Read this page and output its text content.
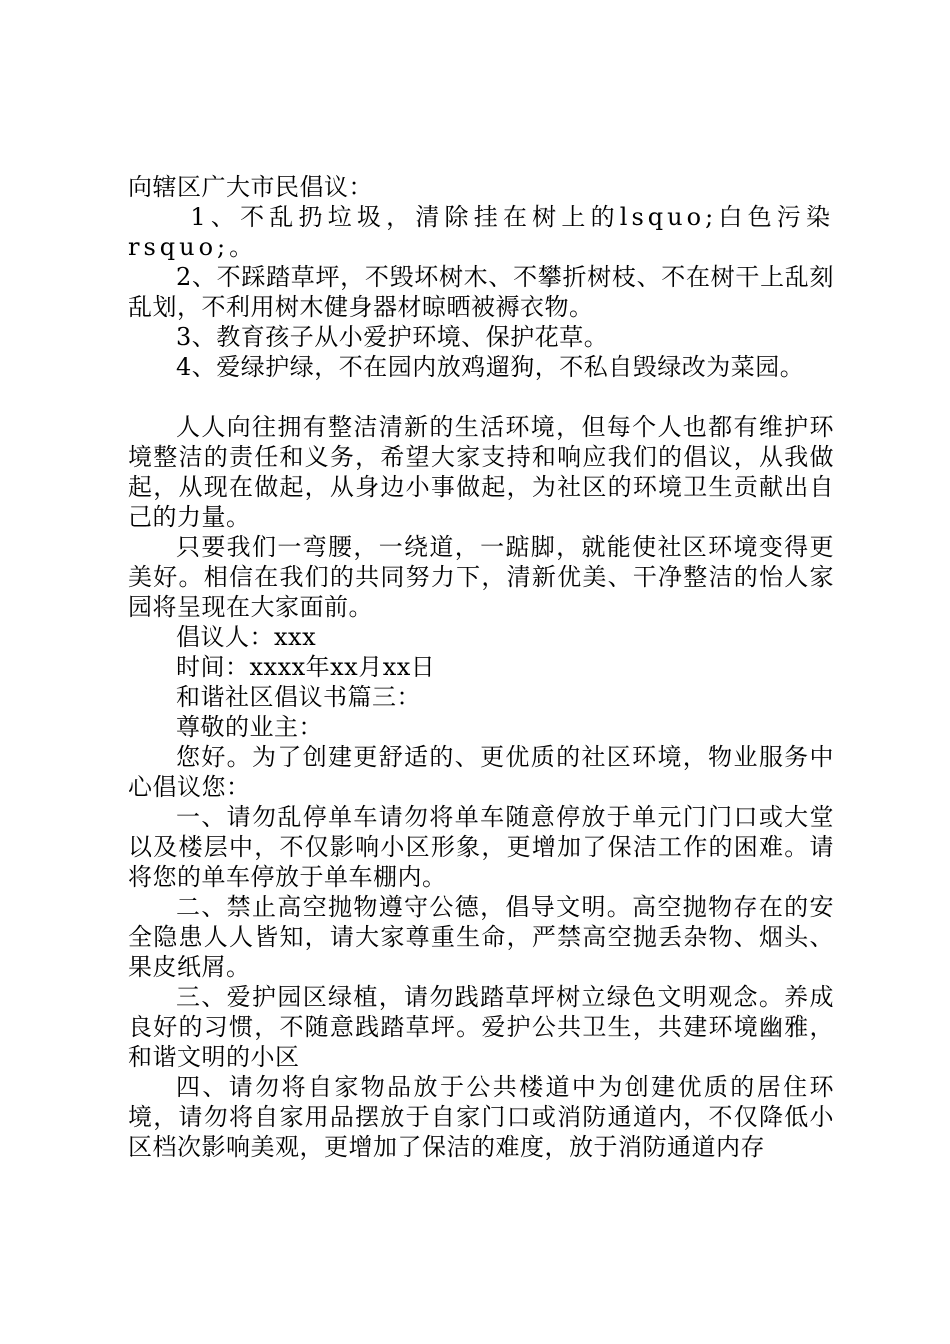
向辖区广大市民倡议：

1、不乱扔垃圾，清除挂在树上的lsquo;白色污染rsquo;。

2、不踩踏草坪，不毁坏树木、不攀折树枝、不在树干上乱刻乱划，不利用树木健身器材晾晒被褥衣物。

3、教育孩子从小爱护环境、保护花草。

4、爱绿护绿，不在园内放鸡遛狗，不私自毁绿改为菜园。

人人向往拥有整洁清新的生活环境，但每个人也都有维护环境整洁的责任和义务，希望大家支持和响应我们的倡议，从我做起，从现在做起，从身边小事做起，为社区的环境卫生贡献出自己的力量。

只要我们一弯腰，一绕道，一踮脚，就能使社区环境变得更美好。相信在我们的共同努力下，清新优美、干净整洁的怡人家园将呈现在大家面前。

倡议人：xxx

时间：xxxx年xx月xx日

和谐社区倡议书篇三：

尊敬的业主：

您好。为了创建更舒适的、更优质的社区环境，物业服务中心倡议您：

一、请勿乱停单车请勿将单车随意停放于单元门门口或大堂以及楼层中，不仅影响小区形象，更增加了保洁工作的困难。请将您的单车停放于单车棚内。

二、禁止高空抛物遵守公德，倡导文明。高空抛物存在的安全隐患人人皆知，请大家尊重生命，严禁高空抛丢杂物、烟头、果皮纸屑。

三、爱护园区绿植，请勿践踏草坪树立绿色文明观念。养成良好的习惯，不随意践踏草坪。爱护公共卫生，共建环境幽雅，和谐文明的小区

四、请勿将自家物品放于公共楼道中为创建优质的居住环境，请勿将自家用品摆放于自家门口或消防通道内，不仅降低小区档次影响美观，更增加了保洁的难度，放于消防通道内存
